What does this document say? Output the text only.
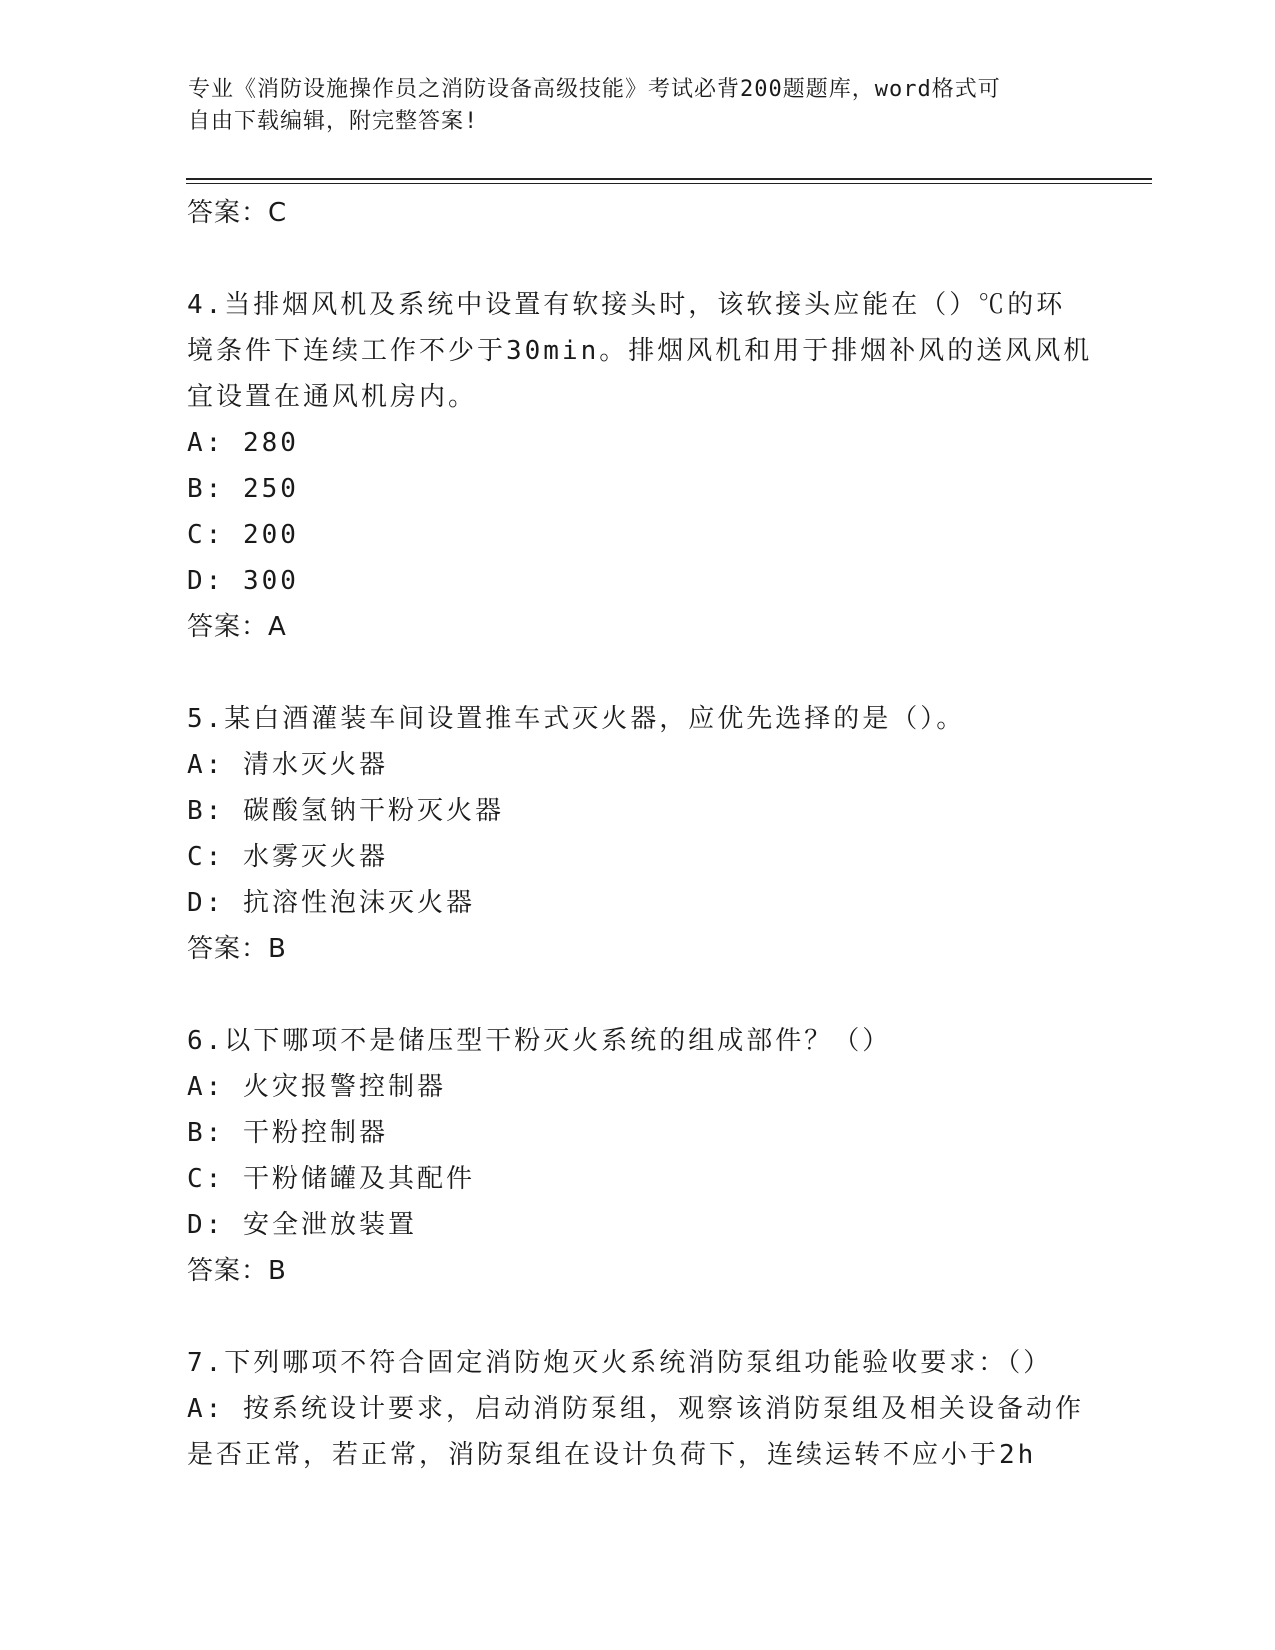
专业《消防设施操作员之消防设备高级技能》考试必背200题题库，word格式可
自由下载编辑，附完整答案!
答案：C
4.当排烟风机及系统中设置有软接头时，该软接头应能在（）℃的环
境条件下连续工作不少于30min。排烟风机和用于排烟补风的送风风机
宜设置在通风机房内。
A: 280
B: 250
C: 200
D: 300
答案：A
5.某白酒灌装车间设置推车式灭火器，应优先选择的是（）。
A: 清水灭火器
B: 碳酸氢钠干粉灭火器
C: 水雾灭火器
D: 抗溶性泡沫灭火器
答案：B
6.以下哪项不是储压型干粉灭火系统的组成部件？（）
A: 火灾报警控制器
B: 干粉控制器
C: 干粉储罐及其配件
D: 安全泄放装置
答案：B
7.下列哪项不符合固定消防炮灭火系统消防泵组功能验收要求：（）
A: 按系统设计要求，启动消防泵组，观察该消防泵组及相关设备动作
是否正常，若正常，消防泵组在设计负荷下，连续运转不应小于2h
